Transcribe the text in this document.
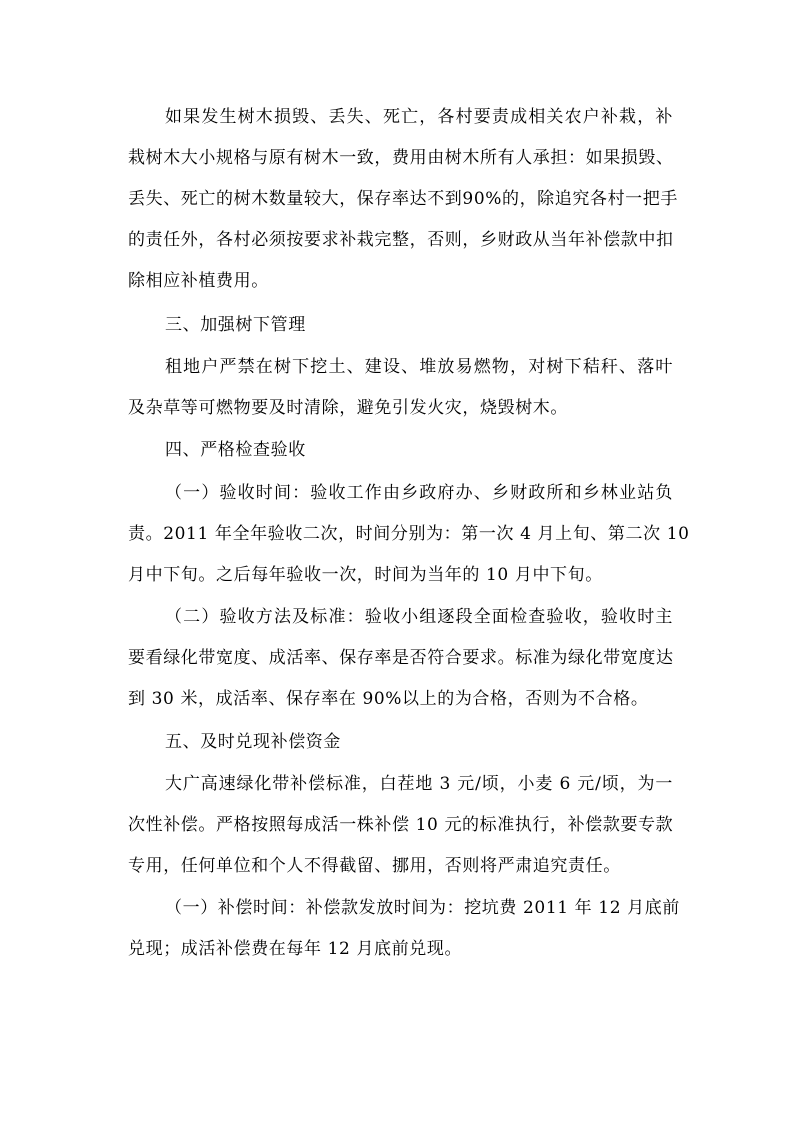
如果发生树木损毁、丢失、死亡，各村要责成相关农户补栽，补
栽树木大小规格与原有树木一致，费用由树木所有人承担：如果损毁、
丢失、死亡的树木数量较大，保存率达不到90%的，除追究各村一把手
的责任外，各村必须按要求补栽完整，否则，乡财政从当年补偿款中扣
除相应补植费用。
三、加强树下管理
租地户严禁在树下挖土、建设、堆放易燃物，对树下秸秆、落叶
及杂草等可燃物要及时清除，避免引发火灾，烧毁树木。
四、严格检查验收
（一）验收时间：验收工作由乡政府办、乡财政所和乡林业站负
责。2011 年全年验收二次，时间分别为：第一次 4 月上旬、第二次 10
月中下旬。之后每年验收一次，时间为当年的 10 月中下旬。
（二）验收方法及标准：验收小组逐段全面检查验收，验收时主
要看绿化带宽度、成活率、保存率是否符合要求。标准为绿化带宽度达
到 30 米，成活率、保存率在 90%以上的为合格，否则为不合格。
五、及时兑现补偿资金
大广高速绿化带补偿标准，白茬地 3 元/顷，小麦 6 元/顷，为一
次性补偿。严格按照每成活一株补偿 10 元的标准执行，补偿款要专款
专用，任何单位和个人不得截留、挪用，否则将严肃追究责任。
（一）补偿时间：补偿款发放时间为：挖坑费 2011 年 12 月底前
兑现；成活补偿费在每年 12 月底前兑现。
